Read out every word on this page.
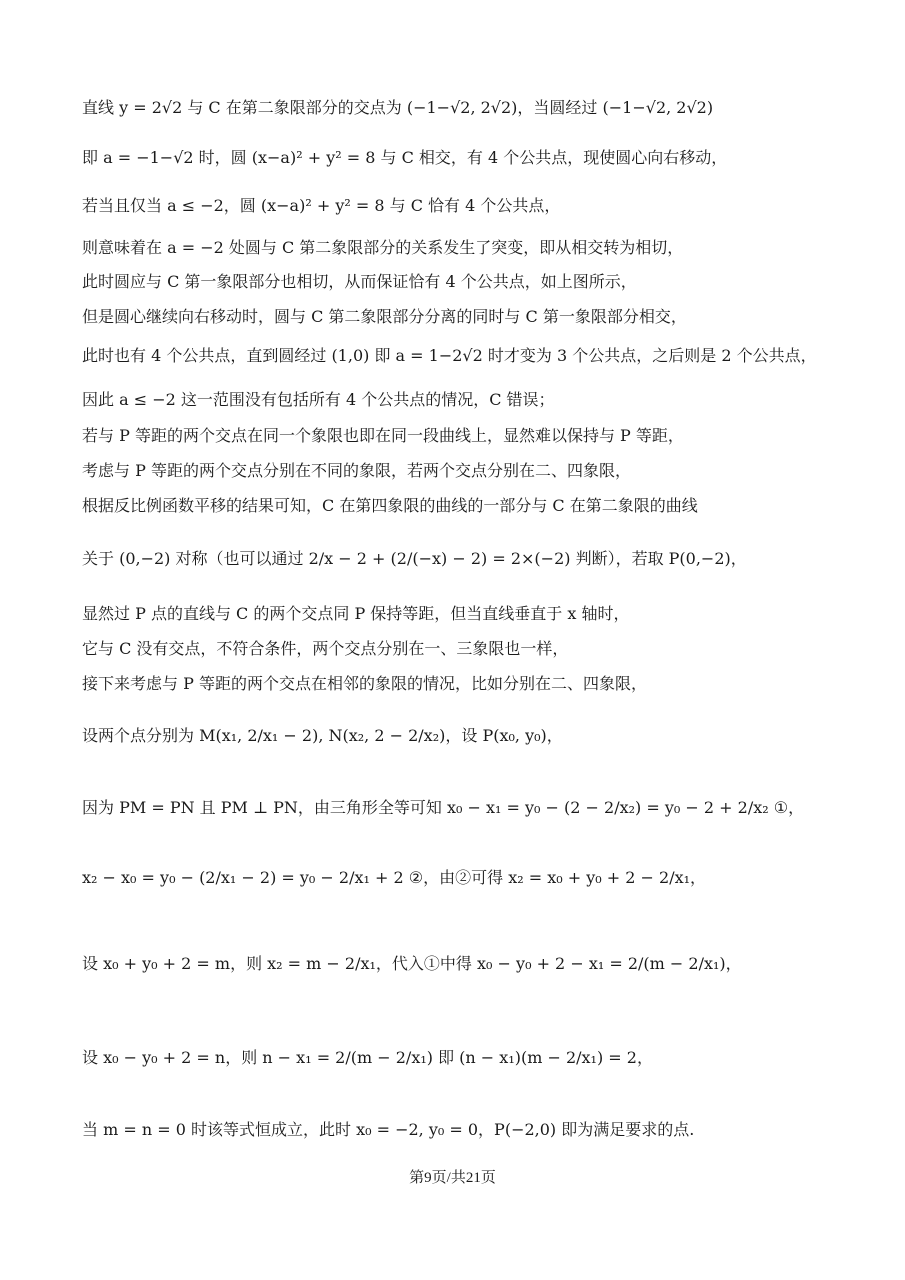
直线 y = 2√2 与 C 在第二象限部分的交点为 (−1−√2, 2√2)，当圆经过 (−1−√2, 2√2)
即 a = −1−√2 时，圆 (x−a)² + y² = 8 与 C 相交，有 4 个公共点，现使圆心向右移动，
若当且仅当 a ≤ −2，圆 (x−a)² + y² = 8 与 C 恰有 4 个公共点，
则意味着在 a = −2 处圆与 C 第二象限部分的关系发生了突变，即从相交转为相切，
此时圆应与 C 第一象限部分也相切，从而保证恰有 4 个公共点，如上图所示，
但是圆心继续向右移动时，圆与 C 第二象限部分分离的同时与 C 第一象限部分相交，
此时也有 4 个公共点，直到圆经过 (1,0) 即 a = 1−2√2 时才变为 3 个公共点，之后则是 2 个公共点，
因此 a ≤ −2 这一范围没有包括所有 4 个公共点的情况，C 错误；
若与 P 等距的两个交点在同一个象限也即在同一段曲线上，显然难以保持与 P 等距，
考虑与 P 等距的两个交点分别在不同的象限，若两个交点分别在二、四象限，
根据反比例函数平移的结果可知，C 在第四象限的曲线的一部分与 C 在第二象限的曲线
关于 (0,−2) 对称（也可以通过 2/x − 2 + (2/(−x) − 2) = 2×(−2) 判断），若取 P(0,−2)，
显然过 P 点的直线与 C 的两个交点同 P 保持等距，但当直线垂直于 x 轴时，
它与 C 没有交点，不符合条件，两个交点分别在一、三象限也一样，
接下来考虑与 P 等距的两个交点在相邻的象限的情况，比如分别在二、四象限，
设两个点分别为 M(x₁, 2/x₁ − 2), N(x₂, 2 − 2/x₂)，设 P(x₀, y₀)，
因为 PM = PN 且 PM ⊥ PN，由三角形全等可知 x₀ − x₁ = y₀ − (2 − 2/x₂) = y₀ − 2 + 2/x₂ ①，
x₂ − x₀ = y₀ − (2/x₁ − 2) = y₀ − 2/x₁ + 2 ②，由②可得 x₂ = x₀ + y₀ + 2 − 2/x₁，
设 x₀ + y₀ + 2 = m，则 x₂ = m − 2/x₁，代入①中得 x₀ − y₀ + 2 − x₁ = 2/(m − 2/x₁)，
设 x₀ − y₀ + 2 = n，则 n − x₁ = 2/(m − 2/x₁) 即 (n − x₁)(m − 2/x₁) = 2，
当 m = n = 0 时该等式恒成立，此时 x₀ = −2, y₀ = 0，P(−2,0) 即为满足要求的点.
第9页/共21页
